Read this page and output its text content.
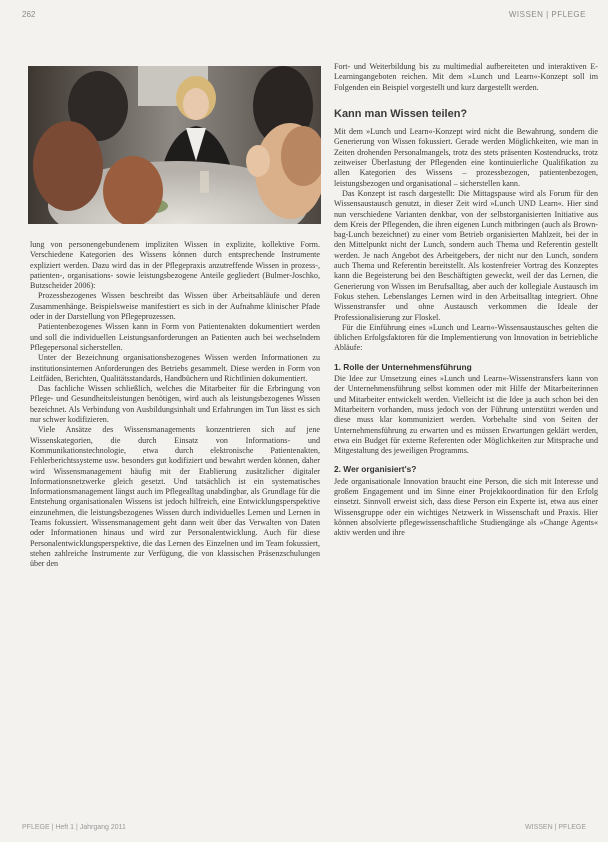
262	WISSEN | PFLEGE

lung von personengebundenem impliziten Wissen in explizite, kollektive Form. Verschiedene Kategorien des Wissens können durch entsprechende Instrumente expliziert werden. Dazu wird das in der Pflegepraxis anzutreffende Wissen in prozess-, patienten-, organisations- sowie leistungsbezogene Anteile gegliedert (Bulmer-Joschko, Butzscheider 2006):

Prozessbezogenes Wissen beschreibt das Wissen über Arbeitsabläufe und deren Zusammenhänge. Beispielsweise manifestiert es sich in der Aufnahme klinischer Pfade oder in der Darstellung von Pflegeprozessen.

Patientenbezogenes Wissen kann in Form von Patientenakten dokumentiert werden und soll die individuellen Leistungsanforderungen an Patienten auch bei wechselndem Pflegepersonal sicherstellen.

Unter der Bezeichnung organisationsbezogenes Wissen werden Informationen zu institutionsinternen Anforderungen des Betriebs gesammelt. Diese werden in Form von Leitfäden, Berichten, Qualitätsstandards, Handbüchern und Richtlinien dokumentiert.

Das fachliche Wissen schließlich, welches die Mitarbeiter für die Erbringung von Pflege- und Gesundheitsleistungen benötigen, wird auch als leistungsbezogenes Wissen bezeichnet. Als Verbindung von Ausbildungsinhalt und Erfahrungen im Tun lässt es sich nur schwer kodifizieren.

Viele Ansätze des Wissensmanagements konzentrieren sich auf jene Wissenskategorien, die durch Einsatz von Informations- und Kommunikationstechnologie, etwa durch elektronische Patientenakten, Fehlerberichtssysteme usw. besonders gut kodifiziert und bewahrt werden können, daher wird Wissensmanagement häufig mit der Etablierung zusätzlicher digitaler Informationsnetzwerke gleich gesetzt. Und tatsächlich ist ein systematisches Informationsmanagement längst auch im Pflegealltag unabdingbar, als Grundlage für die Entstehung organisationalen Wissens ist jedoch hilfreich, eine Entwicklungsperspektive einzunehmen, die leistungsbezogenes Wissen durch individuelles Lernen und Lernen in Teams fokussiert. Wissensmanagement geht dann weit über das Verwalten von Daten oder Informationen hinaus und wird zur Personalentwicklung. Auch für diese Personalentwicklungsperspektive, die das Lernen des Einzelnen und im Team fokussiert, stehen zahlreiche Instrumente zur Verfügung, die von klassischen Präsenzschulungen über den

Fort- und Weiterbildung bis zu multimedial aufbereiteten und interaktiven E-Learningangeboten reichen. Mit dem »Lunch und Learn«-Konzept soll im Folgenden ein Beispiel vorgestellt und kurz dargestellt werden.

Kann man Wissen teilen?

Mit dem »Lunch und Learn«-Konzept wird nicht die Bewahrung, sondern die Generierung von Wissen fokussiert. Gerade werden Möglichkeiten, wie man in Zeiten drohenden Personalmangels, trotz des stets präsenten Kostendrucks, trotz zeitweiser Überlastung der Pflegenden eine kontinuierliche Qualifikation zu allen Kategorien des Wissens – prozessbezogen, patientenbezogen, leistungsbezogen und organisational – sicherstellen kann.

Das Konzept ist rasch dargestellt: Die Mittagspause wird als Forum für den Wissensaustausch genutzt, in dieser Zeit wird »Lunch UND Learn«. Hier sind nun verschiedene Varianten denkbar, von der selbstorganisierten Initiative aus dem Kreis der Pflegenden, die ihren eigenen Lunch mitbringen (auch als Brown-bag-Lunch bezeichnet) zu einer vom Betrieb organisierten Mahlzeit, bei der in den Mittelpunkt nicht der Lunch, sondern auch Thema und Referentin gestellt werden. Je nach Angebot des Arbeitgebers, der nicht nur den Lunch, sondern auch Thema und Referentin bereitstellt. Als kostenfreier Vortrag des Konzeptes kann die Begeisterung bei den Beschäftigten geweckt, weil der das Lernen, die Generierung von Wissen im Berufsalltag, aber auch der kollegiale Austausch im Fokus stehen. Lebenslanges Lernen wird in den Arbeitsalltag integriert. Ohne Wissenstransfer und ohne Austausch verkommen die Ideale der Professionalisierung zur Floskel.

Für die Einführung eines »Lunch und Learn«-Wissensaustausches gelten die üblichen Erfolgsfaktoren für die Implementierung von Innovation in betriebliche Abläufe:

1. Rolle der Unternehmensführung

Die Idee zur Umsetzung eines »Lunch und Learn«-Wissenstransfers kann von der Unternehmensführung selbst kommen oder mit Hilfe der Mitarbeiterinnen und Mitarbeiter entwickelt werden. Vielleicht ist die Idee ja auch schon bei den Mitarbeitern vorhanden, muss jedoch von der Führung unterstützt werden und diese muss klar kommuniziert werden. Vorbehalte sind von Seiten der Unternehmensführung zu erwarten und es müssen Erwartungen geklärt werden, etwa ein Budget für externe Referenten oder Möglichkeiten zur Mitsprache und Mitgestaltung des jeweiligen Programms.

2. Wer organisiert's?

Jede organisationale Innovation braucht eine Person, die sich mit Interesse und großem Engagement und im Sinne einer Projektkoordination für den Erfolg einsetzt. Sinnvoll erweist sich, dass diese Person ein Experte ist, etwa aus einer Wissensgruppe oder ein wichtiges Netzwerk in Wissenschaft und Praxis. Hier können absolvierte pflegewissenschaftliche Studiengänge als »Change Agents« aktiv werden und ihre

PFLEGE | Heft 1 | Jahrgang 2011	WISSEN | PFLEGE
